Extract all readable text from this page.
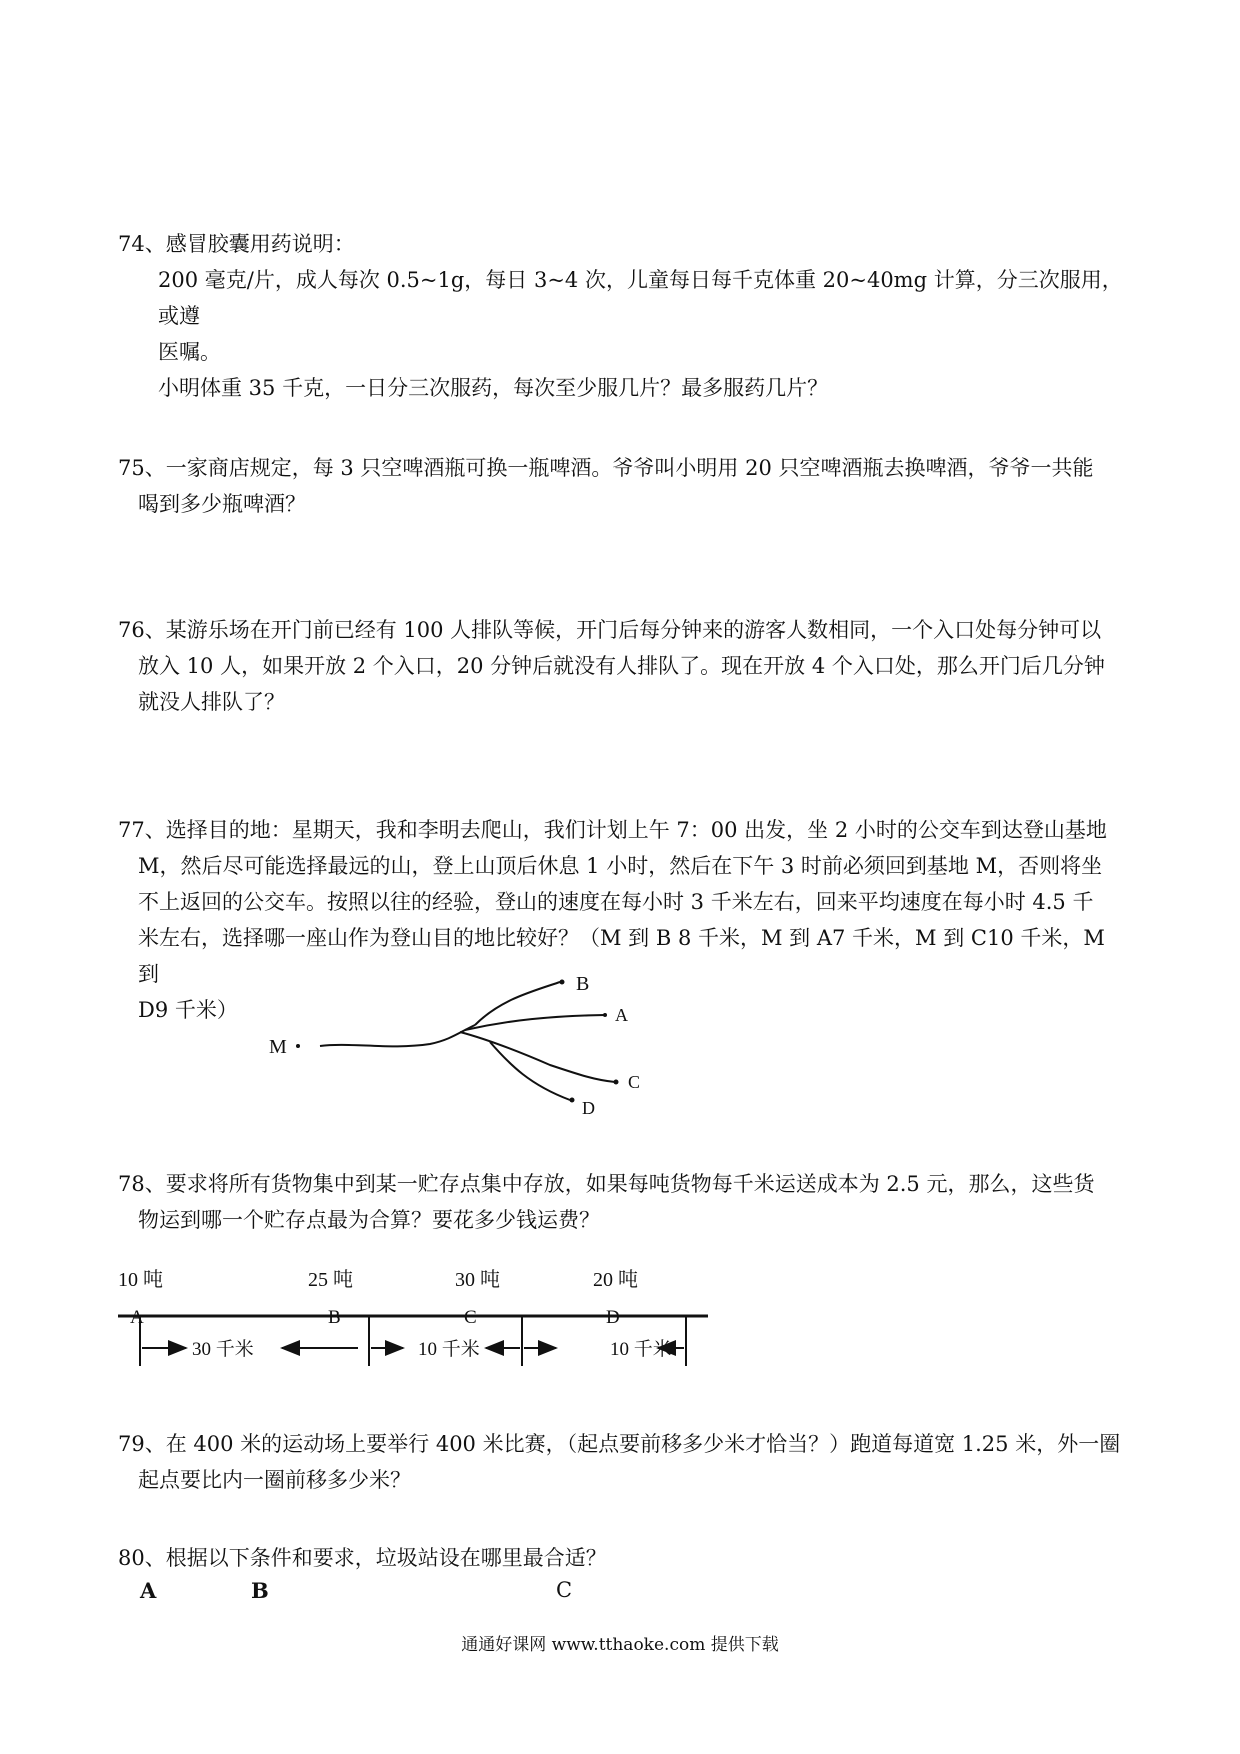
74、感冒胶囊用药说明：

200 毫克/片，成人每次 0.5~1g，每日 3~4 次，儿童每日每千克体重 20~40mg 计算，分三次服用，或遵

医嘱。

小明体重 35 千克，一日分三次服药，每次至少服几片？最多服药几片？

75、一家商店规定，每 3 只空啤酒瓶可换一瓶啤酒。爷爷叫小明用 20 只空啤酒瓶去换啤酒，爷爷一共能

喝到多少瓶啤酒？

76、某游乐场在开门前已经有 100 人排队等候，开门后每分钟来的游客人数相同，一个入口处每分钟可以

放入 10 人，如果开放 2 个入口，20 分钟后就没有人排队了。现在开放 4 个入口处，那么开门后几分钟

就没人排队了？

77、选择目的地：星期天，我和李明去爬山，我们计划上午 7：00 出发，坐 2 小时的公交车到达登山基地

M，然后尽可能选择最远的山，登上山顶后休息 1 小时，然后在下午 3 时前必须回到基地 M，否则将坐

不上返回的公交车。按照以往的经验，登山的速度在每小时 3 千米左右，回来平均速度在每小时 4.5 千

米左右，选择哪一座山作为登山目的地比较好？（M 到 B 8 千米，M 到 A7 千米，M 到 C10 千米，M 到

D9 千米）

M
B
A
C
D

78、要求将所有货物集中到某一贮存点集中存放，如果每吨货物每千米运送成本为 2.5 元，那么，这些货

物运到哪一个贮存点最为合算？要花多少钱运费？

10 吨	25 吨	30 吨	20 吨
A	B	C	D
30 千米	10 千米	10 千米

79、在 400 米的运动场上要举行 400 米比赛，（起点要前移多少米才恰当？）跑道每道宽 1.25 米，外一圈

起点要比内一圈前移多少米？

80、根据以下条件和要求，垃圾站设在哪里最合适？

A	B	C
通通好课网 www.tthaoke.com 提供下载
